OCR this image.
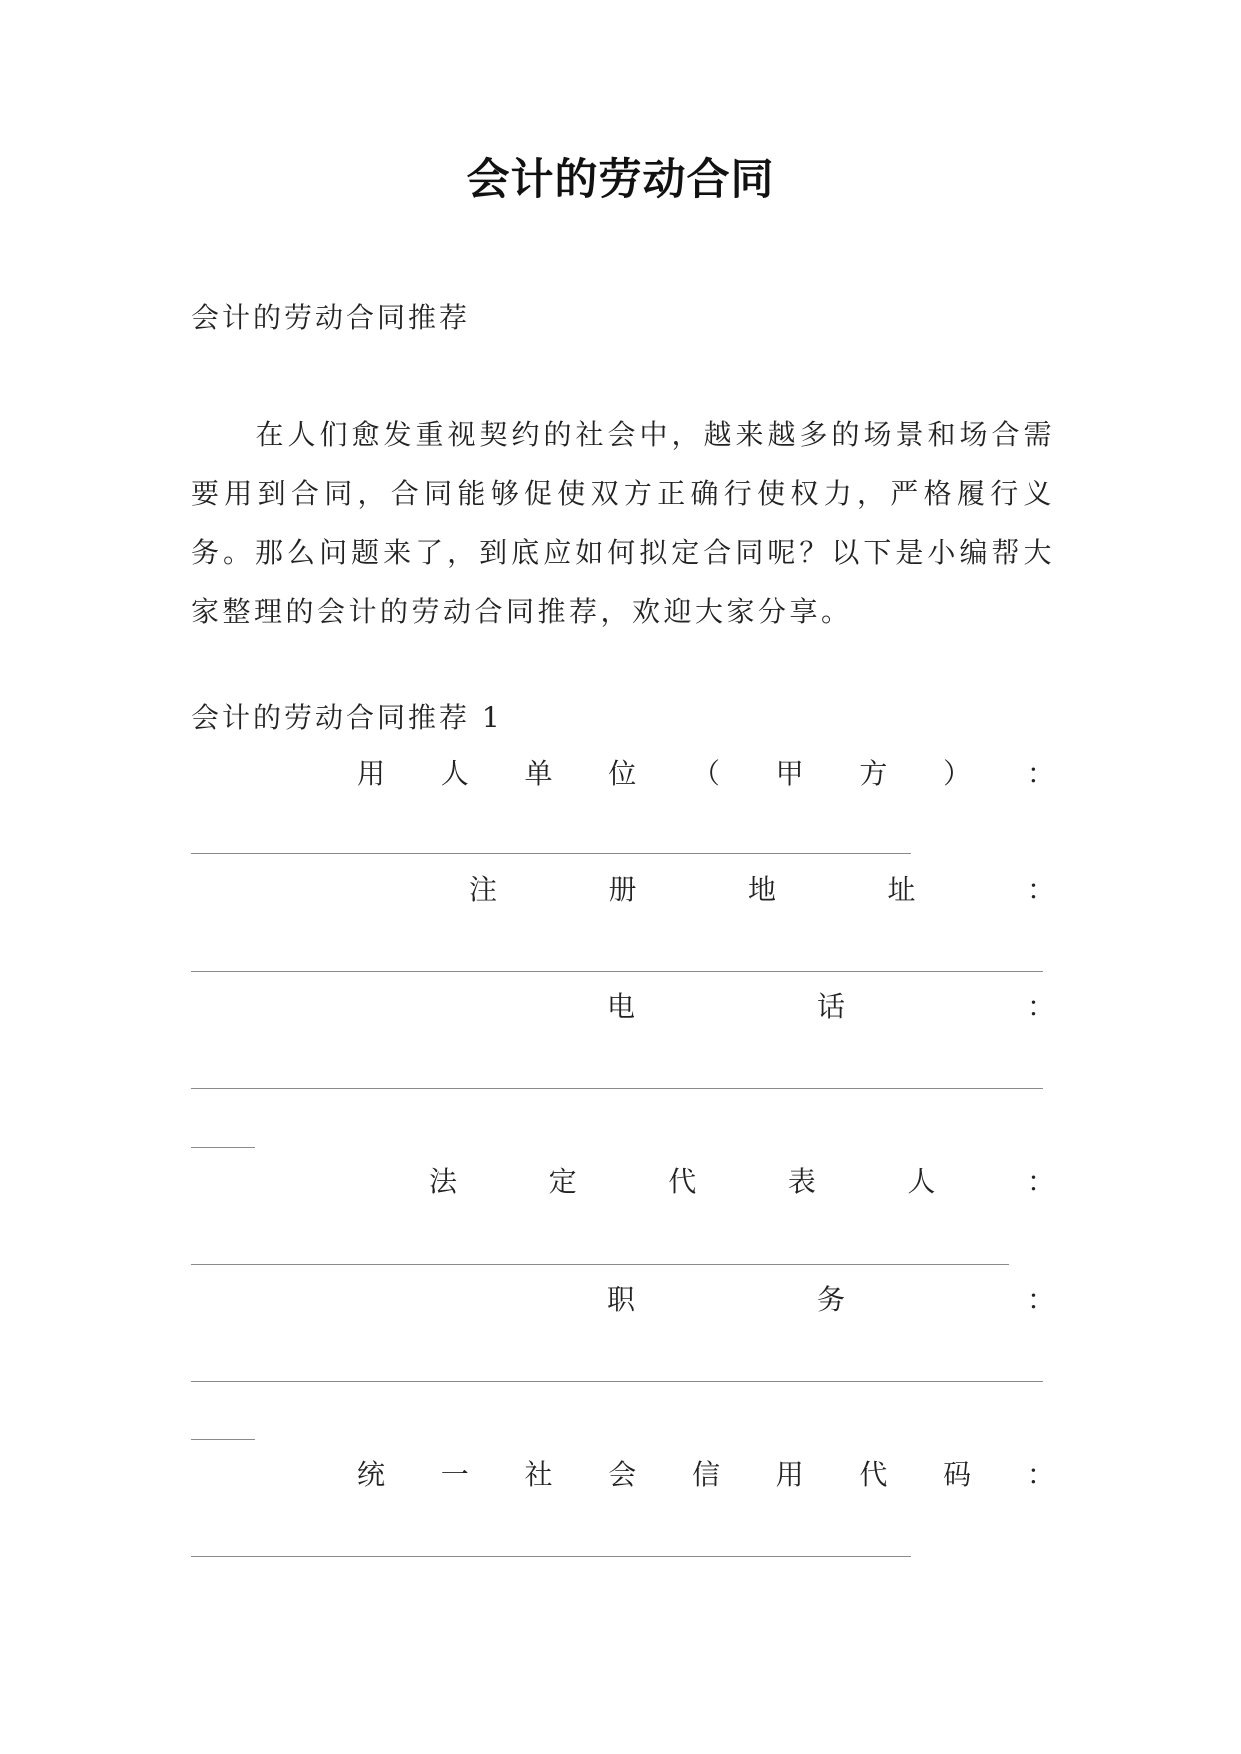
会计的劳动合同
会计的劳动合同推荐
在人们愈发重视契约的社会中，越来越多的场景和场合需要用到合同，合同能够促使双方正确行使权力，严格履行义务。那么问题来了，到底应如何拟定合同呢？以下是小编帮大家整理的会计的劳动合同推荐，欢迎大家分享。
会计的劳动合同推荐 1
用 人 单 位 （ 甲 方 ） ：
注	册	地	址	：
电	话	：
法	定	代	表	人	：
职	务	：
统 一 社 会 信 用 代 码 ：
